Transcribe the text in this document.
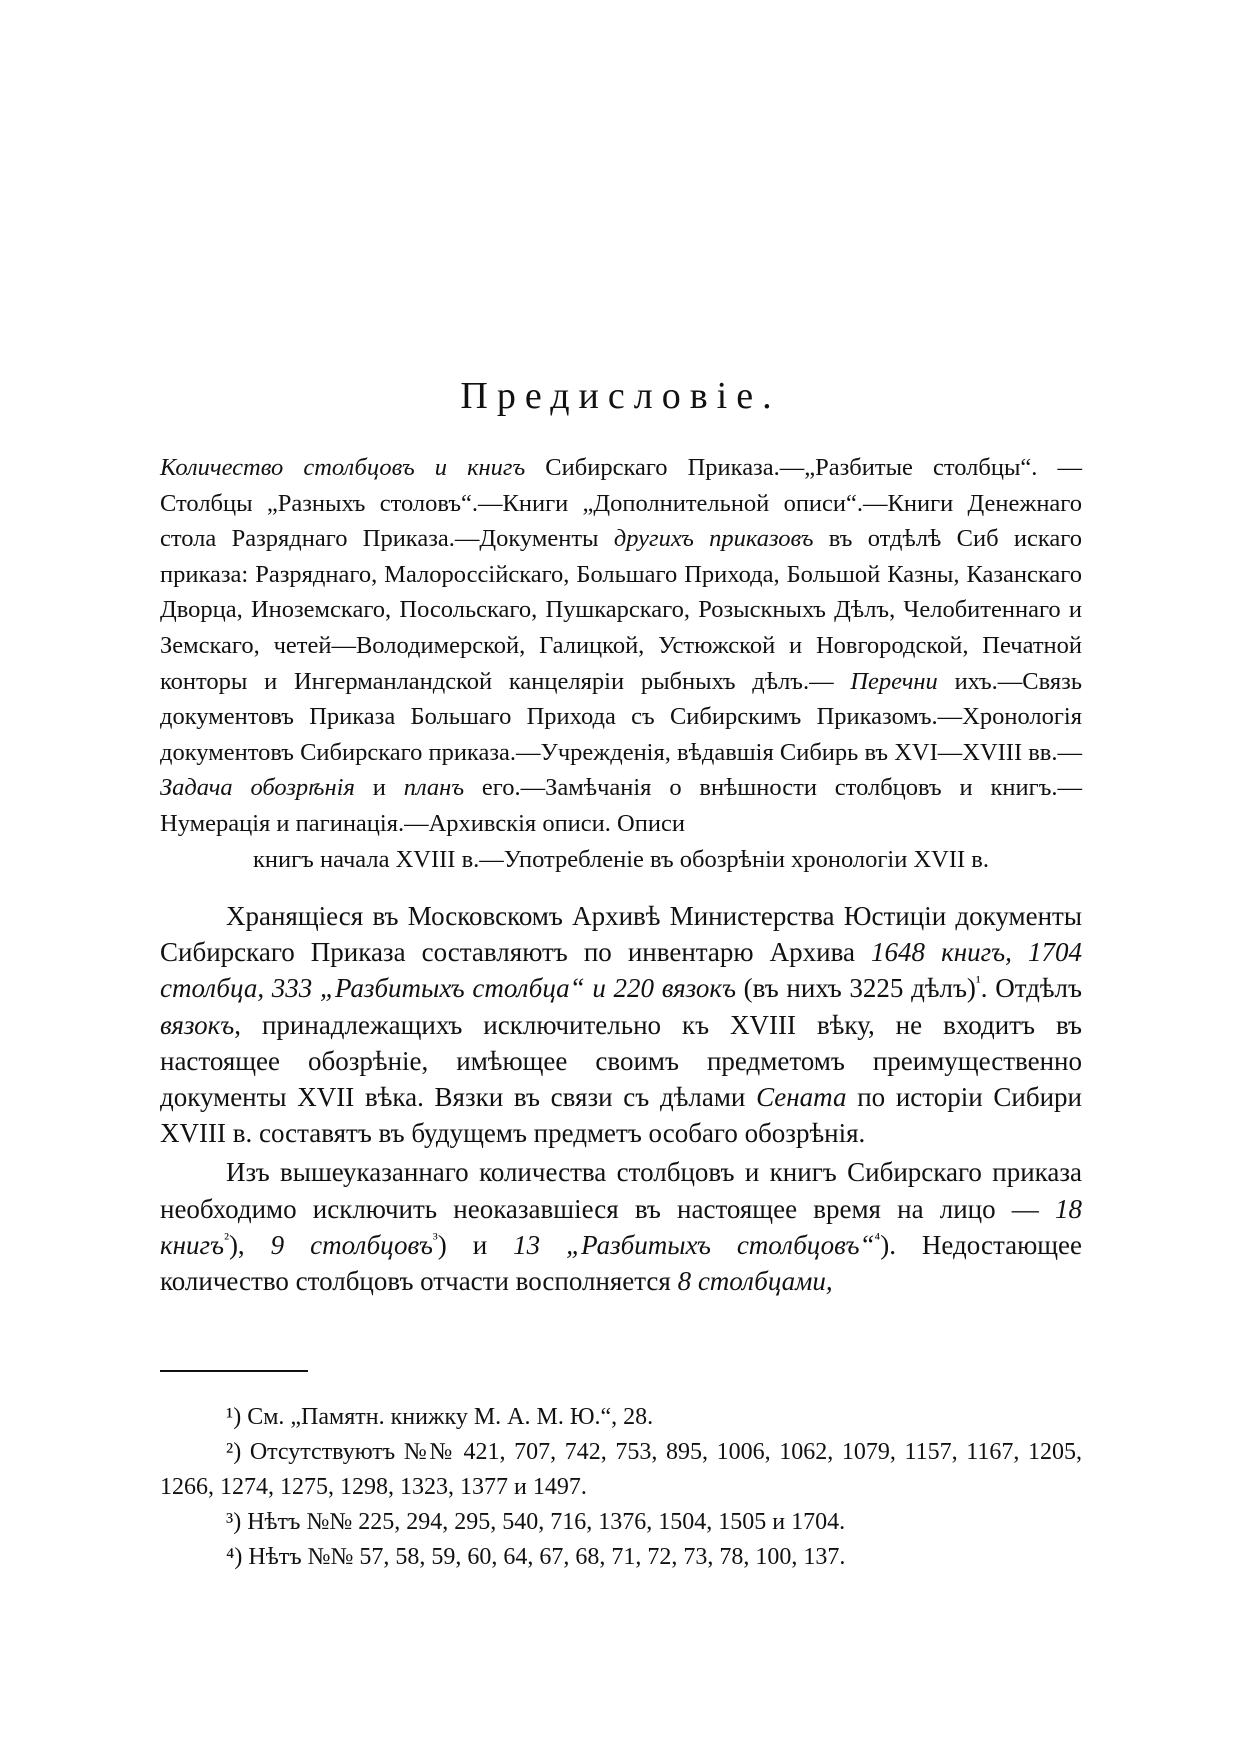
Предисловіе.
Количество столбцовъ и книгъ Сибирскаго Приказа.—„Разбитые столбцы“. — Столбцы „Разныхъ столовъ“.—Книги „Дополнительной описи“.—Книги Денежнаго стола Разряднаго Приказа.—Документы другихъ приказовъ въ отдѣлѣ Сиб искаго приказа: Разряднаго, Малороссійскаго, Большаго Прихода, Большой Казны, Казанскаго Дворца, Иноземскаго, Посольскаго, Пушкарскаго, Розыскныхъ Дѣлъ, Челобитеннаго и Земскаго, четей—Володимерской, Галицкой, Устюжской и Новгородской, Печатной конторы и Ингерманландской канцеляріи рыбныхъ дѣлъ.— Перечни ихъ.—Связь документовъ Приказа Большаго Прихода съ Сибирскимъ Приказомъ.—Хронологія документовъ Сибирскаго приказа.—Учрежденія, вѣдавшія Сибирь въ XVI—XVIII вв.—Задача обозрѣнія и планъ его.—Замѣчанія о внѣшности столбцовъ и книгъ.—Нумерація и пагинація.—Архивскія описи. Описи
книгъ начала XVIII в.—Употребленіе въ обозрѣніи хронологіи XVII в.

Хранящіеся въ Московскомъ Архивѣ Министерства Юстиціи документы Сибирскаго Приказа составляютъ по инвентарю Архива 1648 книгъ, 1704 столбца, 333 „Разбитыхъ столбца“ и 220 вязокъ (въ нихъ 3225 дѣлъ)$^{^1}$. Отдѣлъ вязокъ, принадлежащихъ исключительно къ XVIII вѣку, не входитъ въ настоящее обозрѣніе, имѣющее своимъ предметомъ преимущественно документы XVII вѣка. Вязки въ связи съ дѣлами Сената по исторіи Сибири XVIII в. составятъ въ будущемъ предметъ особаго обозрѣнія.

Изъ вышеуказаннаго количества столбцовъ и книгъ Сибирскаго приказа необходимо исключить неоказавшіеся въ настоящее время на лицо — 18 книгъ$^{^2}$), 9 столбцовъ$^{^3}$) и 13 „Разбитыхъ столбцовъ“$^{^4}$). Недостающее количество столбцовъ отчасти восполняется 8 столбцами,

¹) См. „Памятн. книжку М. А. М. Ю.“, 28.

²) Отсутствуютъ №№ 421, 707, 742, 753, 895, 1006, 1062, 1079, 1157, 1167, 1205, 1266, 1274, 1275, 1298, 1323, 1377 и 1497.

³) Нѣтъ №№ 225, 294, 295, 540, 716, 1376, 1504, 1505 и 1704.

⁴) Нѣтъ №№ 57, 58, 59, 60, 64, 67, 68, 71, 72, 73, 78, 100, 137.
